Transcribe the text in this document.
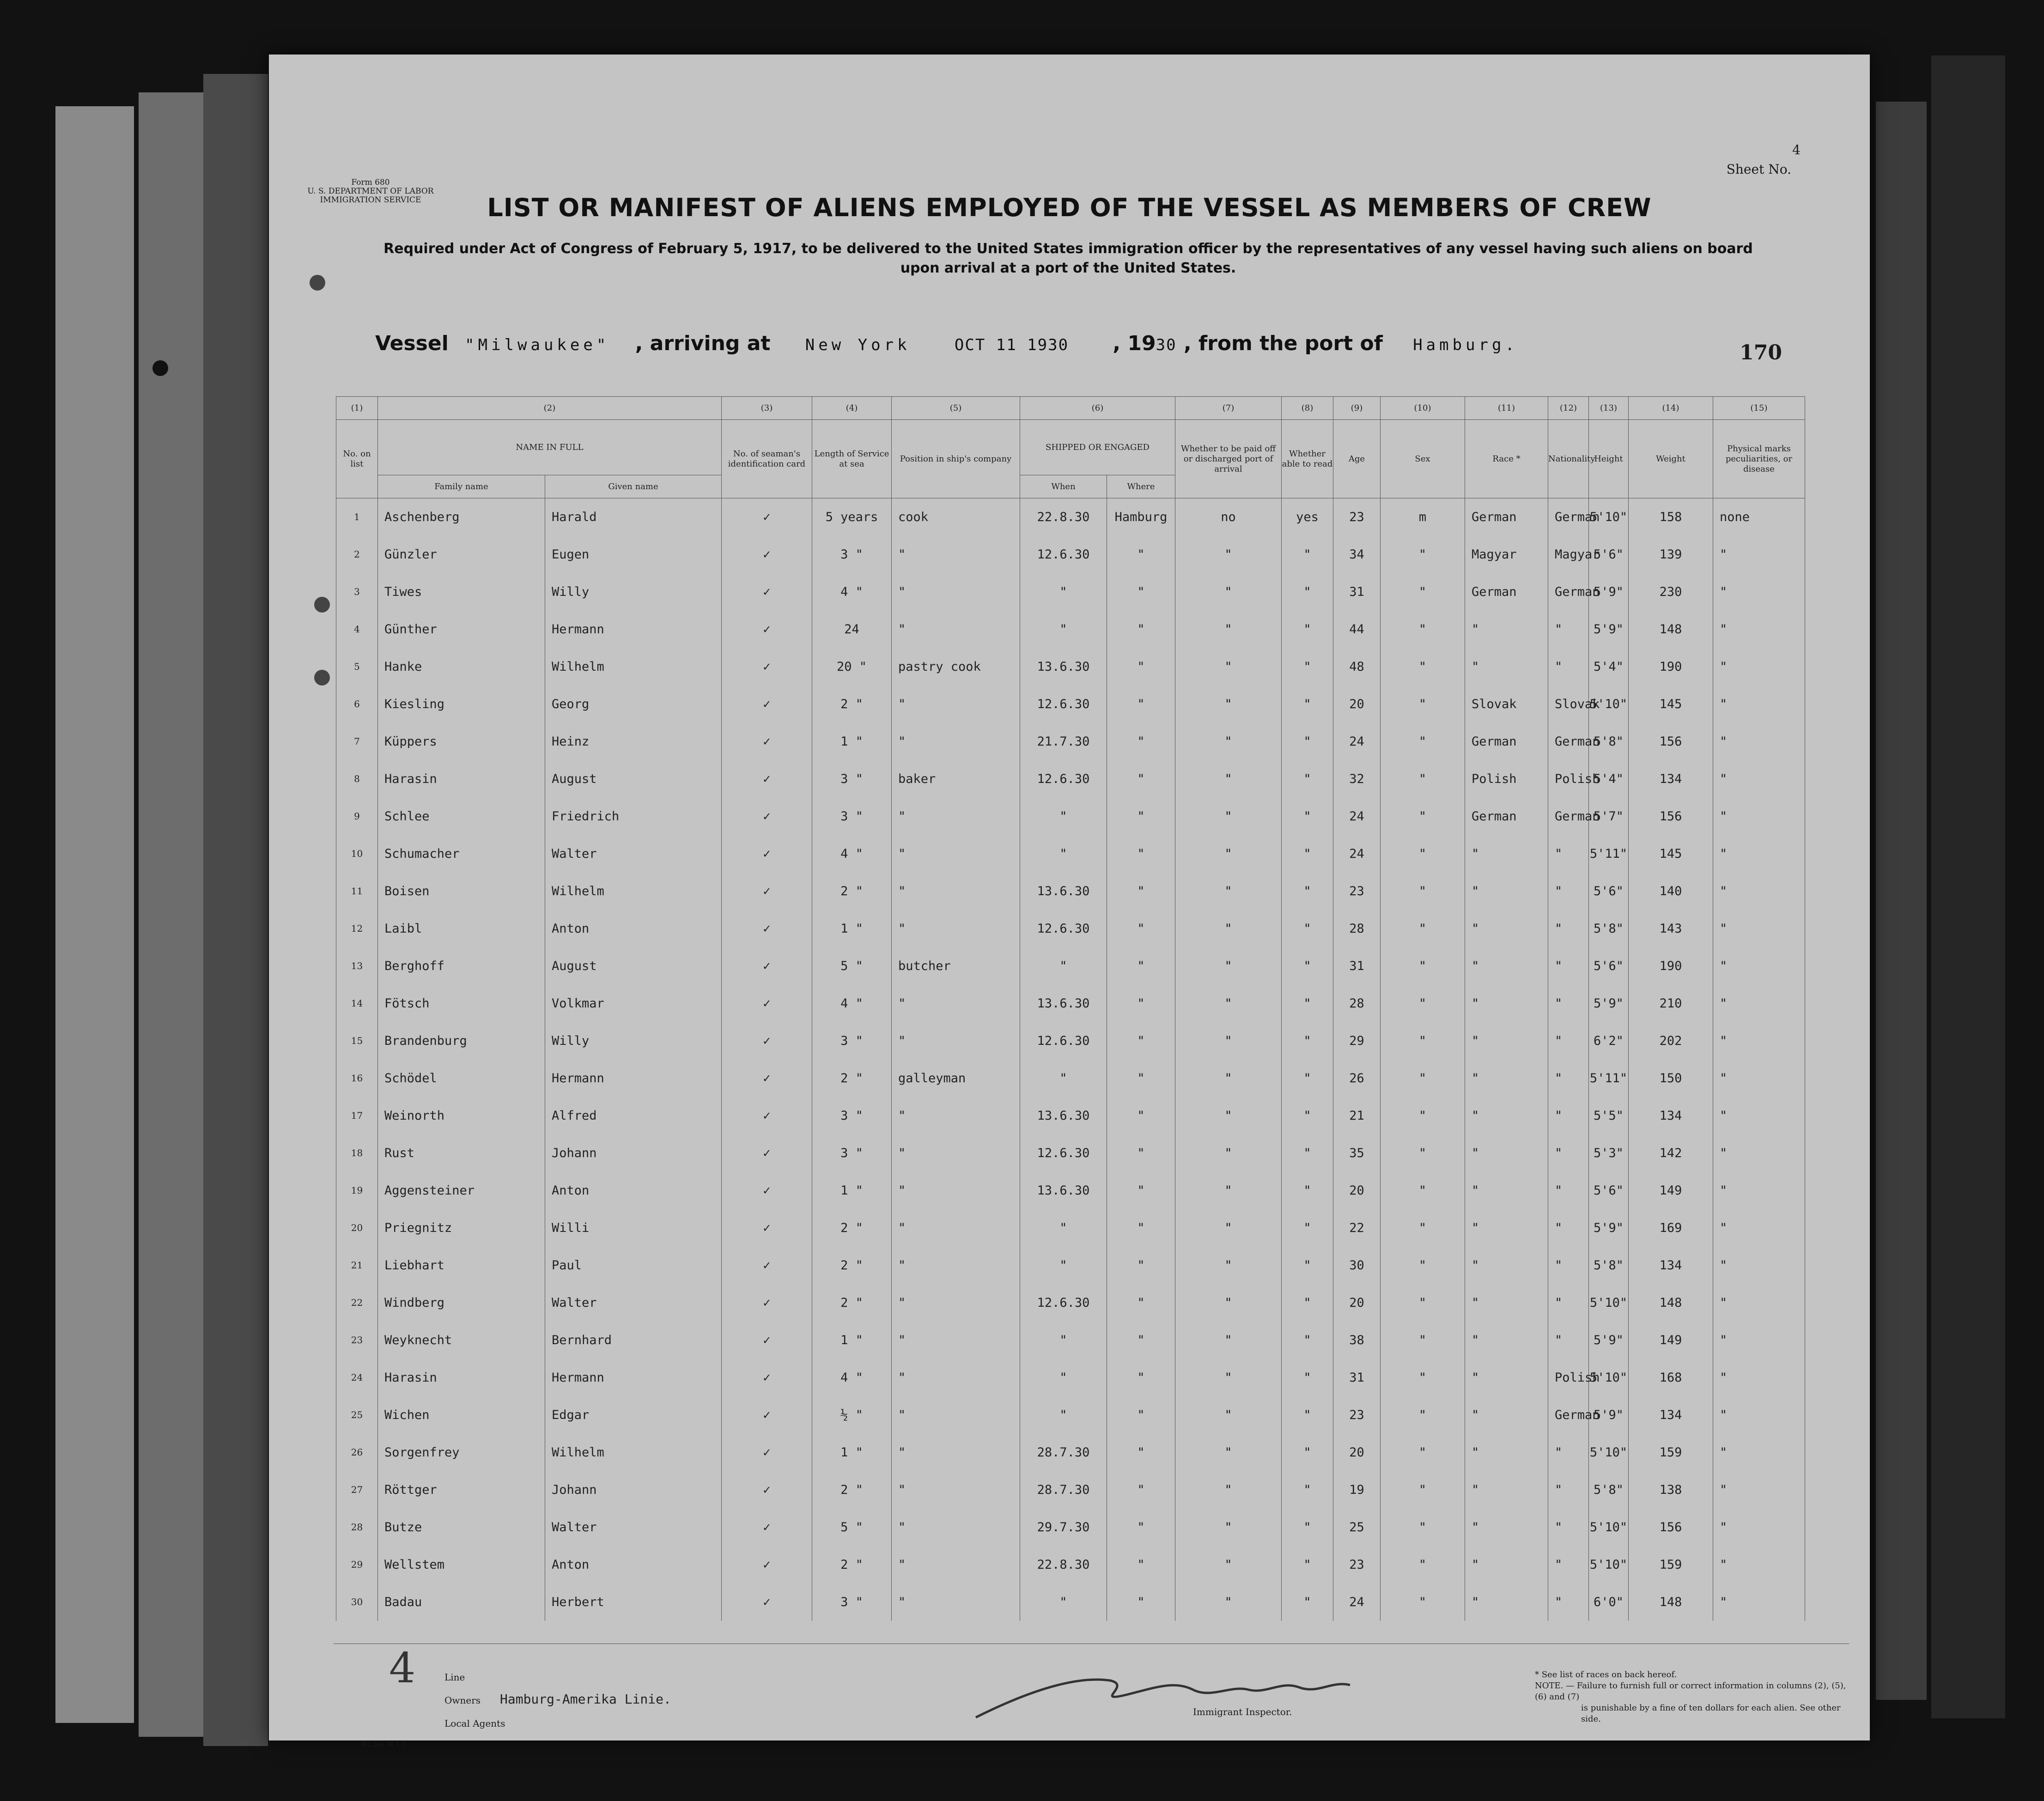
Form 680
U. S. DEPARTMENT OF LABOR
IMMIGRATION SERVICE
4
Sheet No.
170
LIST OR MANIFEST OF ALIENS EMPLOYED OF THE VESSEL AS MEMBERS OF CREW
Required under Act of Congress of February 5, 1917, to be delivered to the United States immigration officer by the representatives of any vessel having such aliens on board
upon arrival at a port of the United States.
Vessel "Milwaukee" , arriving at New York	OCT 11 1930 , 1930 , from the port of Hamburg.
(1)	(2)		(3)	(4)	(5)	(6)		(7)	(8)	(9)	(10)	(11)	(12)	(13)	(14)	(15)
No. on list	NAME IN FULL		No. of seaman's identification card	Length of Service at sea	Position in ship's company	SHIPPED OR ENGAGED		Whether to be paid off or discharged port of arrival	Whether able to read	Age	Sex	Race *	Nationality	Height	Weight	Physical marks peculiarities, or disease
	Family name	Given name				When	Where									
1	Aschenberg	Harald	✓	5 years	cook	22.8.30	Hamburg	no	yes	23	m	German	German	5'10"	158	none
2	Günzler	Eugen	✓	3 "	"	12.6.30	"	"	"	34	"	Magyar	Magyar	5'6"	139	"
3	Tiwes	Willy	✓	4 "	"	"	"	"	"	31	"	German	German	5'9"	230	"
4	Günther	Hermann	✓	24	"	"	"	"	"	44	"	"	"	5'9"	148	"
5	Hanke	Wilhelm	✓	20 "	pastry cook	13.6.30	"	"	"	48	"	"	"	5'4"	190	"
6	Kiesling	Georg	✓	2 "	"	12.6.30	"	"	"	20	"	Slovak	Slovak	5'10"	145	"
7	Küppers	Heinz	✓	1 "	"	21.7.30	"	"	"	24	"	German	German	5'8"	156	"
8	Harasin	August	✓	3 "	baker	12.6.30	"	"	"	32	"	Polish	Polish	5'4"	134	"
9	Schlee	Friedrich	✓	3 "	"	"	"	"	"	24	"	German	German	5'7"	156	"
10	Schumacher	Walter	✓	4 "	"	"	"	"	"	24	"	"	"	5'11"	145	"
11	Boisen	Wilhelm	✓	2 "	"	13.6.30	"	"	"	23	"	"	"	5'6"	140	"
12	Laibl	Anton	✓	1 "	"	12.6.30	"	"	"	28	"	"	"	5'8"	143	"
13	Berghoff	August	✓	5 "	butcher	"	"	"	"	31	"	"	"	5'6"	190	"
14	Fötsch	Volkmar	✓	4 "	"	13.6.30	"	"	"	28	"	"	"	5'9"	210	"
15	Brandenburg	Willy	✓	3 "	"	12.6.30	"	"	"	29	"	"	"	6'2"	202	"
16	Schödel	Hermann	✓	2 "	galleyman	"	"	"	"	26	"	"	"	5'11"	150	"
17	Weinorth	Alfred	✓	3 "	"	13.6.30	"	"	"	21	"	"	"	5'5"	134	"
18	Rust	Johann	✓	3 "	"	12.6.30	"	"	"	35	"	"	"	5'3"	142	"
19	Aggensteiner	Anton	✓	1 "	"	13.6.30	"	"	"	20	"	"	"	5'6"	149	"
20	Priegnitz	Willi	✓	2 "	"	"	"	"	"	22	"	"	"	5'9"	169	"
21	Liebhart	Paul	✓	2 "	"	"	"	"	"	30	"	"	"	5'8"	134	"
22	Windberg	Walter	✓	2 "	"	12.6.30	"	"	"	20	"	"	"	5'10"	148	"
23	Weyknecht	Bernhard	✓	1 "	"	"	"	"	"	38	"	"	"	5'9"	149	"
24	Harasin	Hermann	✓	4 "	"	"	"	"	"	31	"	"	Polish	5'10"	168	"
25	Wichen	Edgar	✓	½ "	"	"	"	"	"	23	"	"	German	5'9"	134	"
26	Sorgenfrey	Wilhelm	✓	1 "	"	28.7.30	"	"	"	20	"	"	"	5'10"	159	"
27	Röttger	Johann	✓	2 "	"	28.7.30	"	"	"	19	"	"	"	5'8"	138	"
28	Butze	Walter	✓	5 "	"	29.7.30	"	"	"	25	"	"	"	5'10"	156	"
29	Wellstem	Anton	✓	2 "	"	22.8.30	"	"	"	23	"	"	"	5'10"	159	"
30	Badau	Herbert	✓	3 "	"	"	"	"	"	24	"	"	"	6'0"	148	"
4	Line
Owners Hamburg-Amerika Linie.
Local Agents
Immigrant Inspector.
* See list of races on back hereof.
NOTE. — Failure to furnish full or correct information in columns (2), (5), (6) and (7)
is punishable by a fine of ten dollars for each alien. See other side.
HL feb 30 1-1
